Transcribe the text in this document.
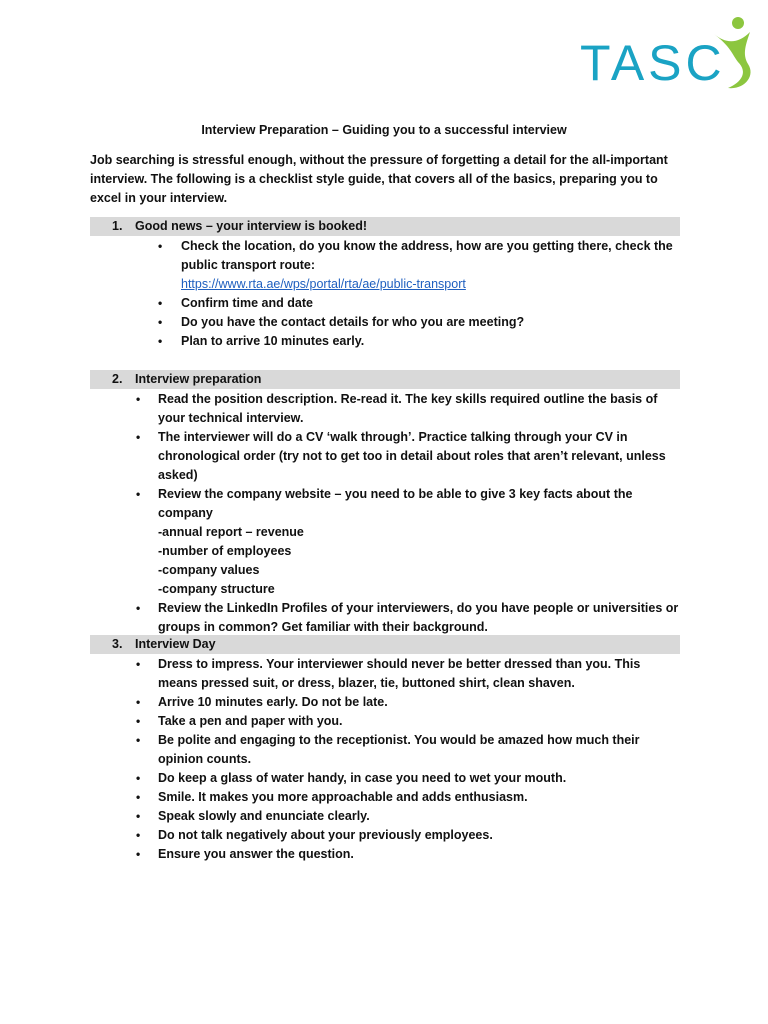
TASC
Interview Preparation – Guiding you to a successful interview

Job searching is stressful enough, without the pressure of forgetting a detail for the all-important interview. The following is a checklist style guide, that covers all of the basics, preparing you to excel in your interview.

1. Good news – your interview is booked!
• Check the location, do you know the address, how are you getting there, check the public transport route:
https://www.rta.ae/wps/portal/rta/ae/public-transport
• Confirm time and date
• Do you have the contact details for who you are meeting?
• Plan to arrive 10 minutes early.
2. Interview preparation
• Read the position description. Re-read it. The key skills required outline the basis of your technical interview.
• The interviewer will do a CV ‘walk through’. Practice talking through your CV in chronological order (try not to get too in detail about roles that aren’t relevant, unless asked)
• Review the company website – you need to be able to give 3 key facts about the company
-annual report – revenue
-number of employees
-company values
-company structure
• Review the LinkedIn Profiles of your interviewers, do you have people or universities or groups in common? Get familiar with their background.
3. Interview Day
• Dress to impress. Your interviewer should never be better dressed than you. This means pressed suit, or dress, blazer, tie, buttoned shirt, clean shaven.
• Arrive 10 minutes early. Do not be late.
• Take a pen and paper with you.
• Be polite and engaging to the receptionist. You would be amazed how much their opinion counts.
• Do keep a glass of water handy, in case you need to wet your mouth.
• Smile. It makes you more approachable and adds enthusiasm.
• Speak slowly and enunciate clearly.
• Do not talk negatively about your previously employees.
• Ensure you answer the question.
